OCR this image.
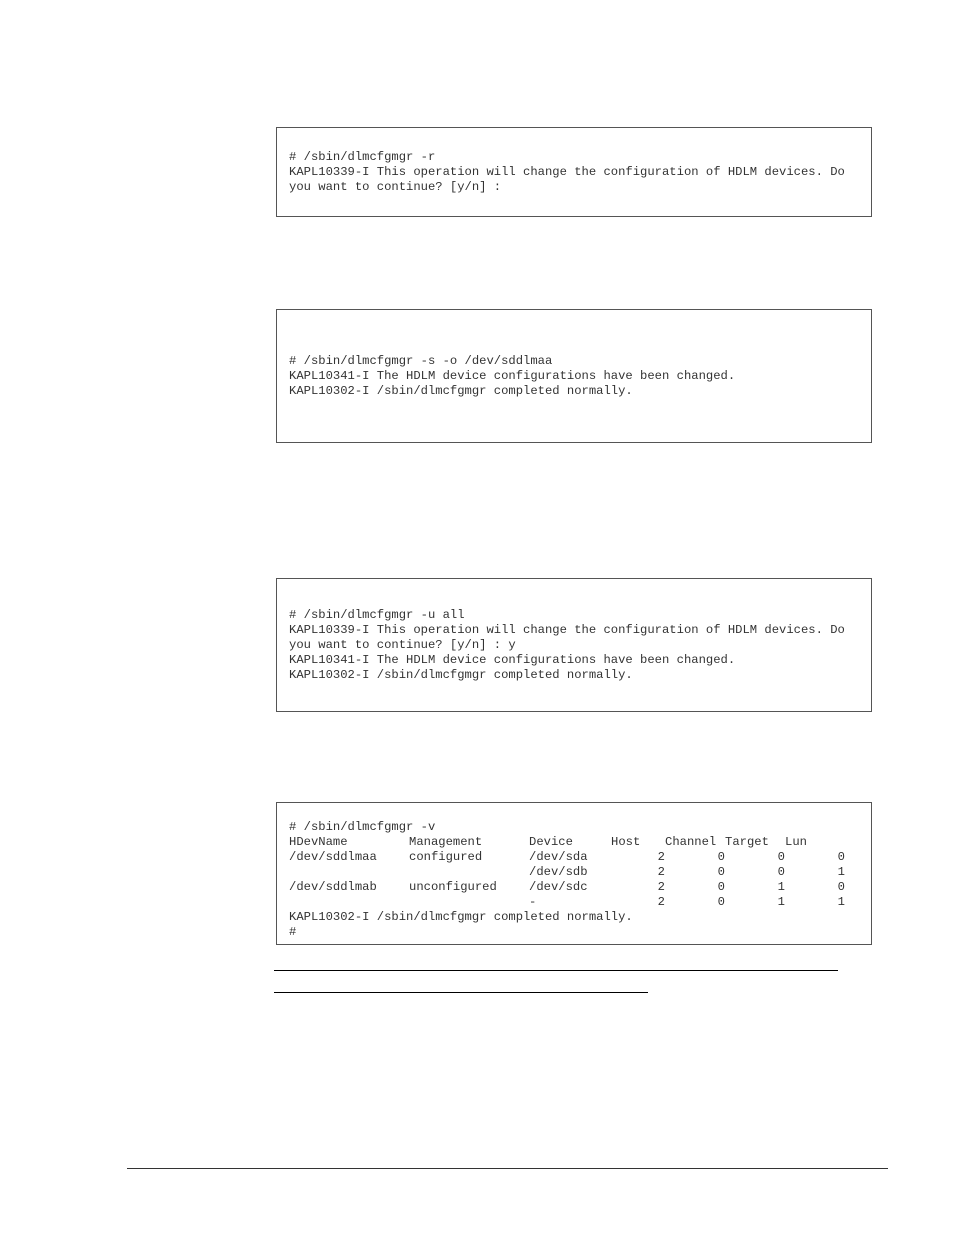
# /sbin/dlmcfgmgr -r
KAPL10339-I This operation will change the configuration of HDLM devices. Do
you want to continue? [y/n] :
# /sbin/dlmcfgmgr -s -o /dev/sddlmaa
KAPL10341-I The HDLM device configurations have been changed.
KAPL10302-I /sbin/dlmcfgmgr completed normally.
# /sbin/dlmcfgmgr -u all
KAPL10339-I This operation will change the configuration of HDLM devices. Do
you want to continue? [y/n] : y
KAPL10341-I The HDLM device configurations have been changed.
KAPL10302-I /sbin/dlmcfgmgr completed normally.
# /sbin/dlmcfgmgr -v
HDevName	Management	Device	Host	Channel	Target	Lun
/dev/sddlmaa	configured	/dev/sda	2	0	0	0
		/dev/sdb	2	0	0	1
/dev/sddlmab	unconfigured	/dev/sdc	2	0	1	0
		-	2	0	1	1
KAPL10302-I /sbin/dlmcfgmgr completed normally.
#
